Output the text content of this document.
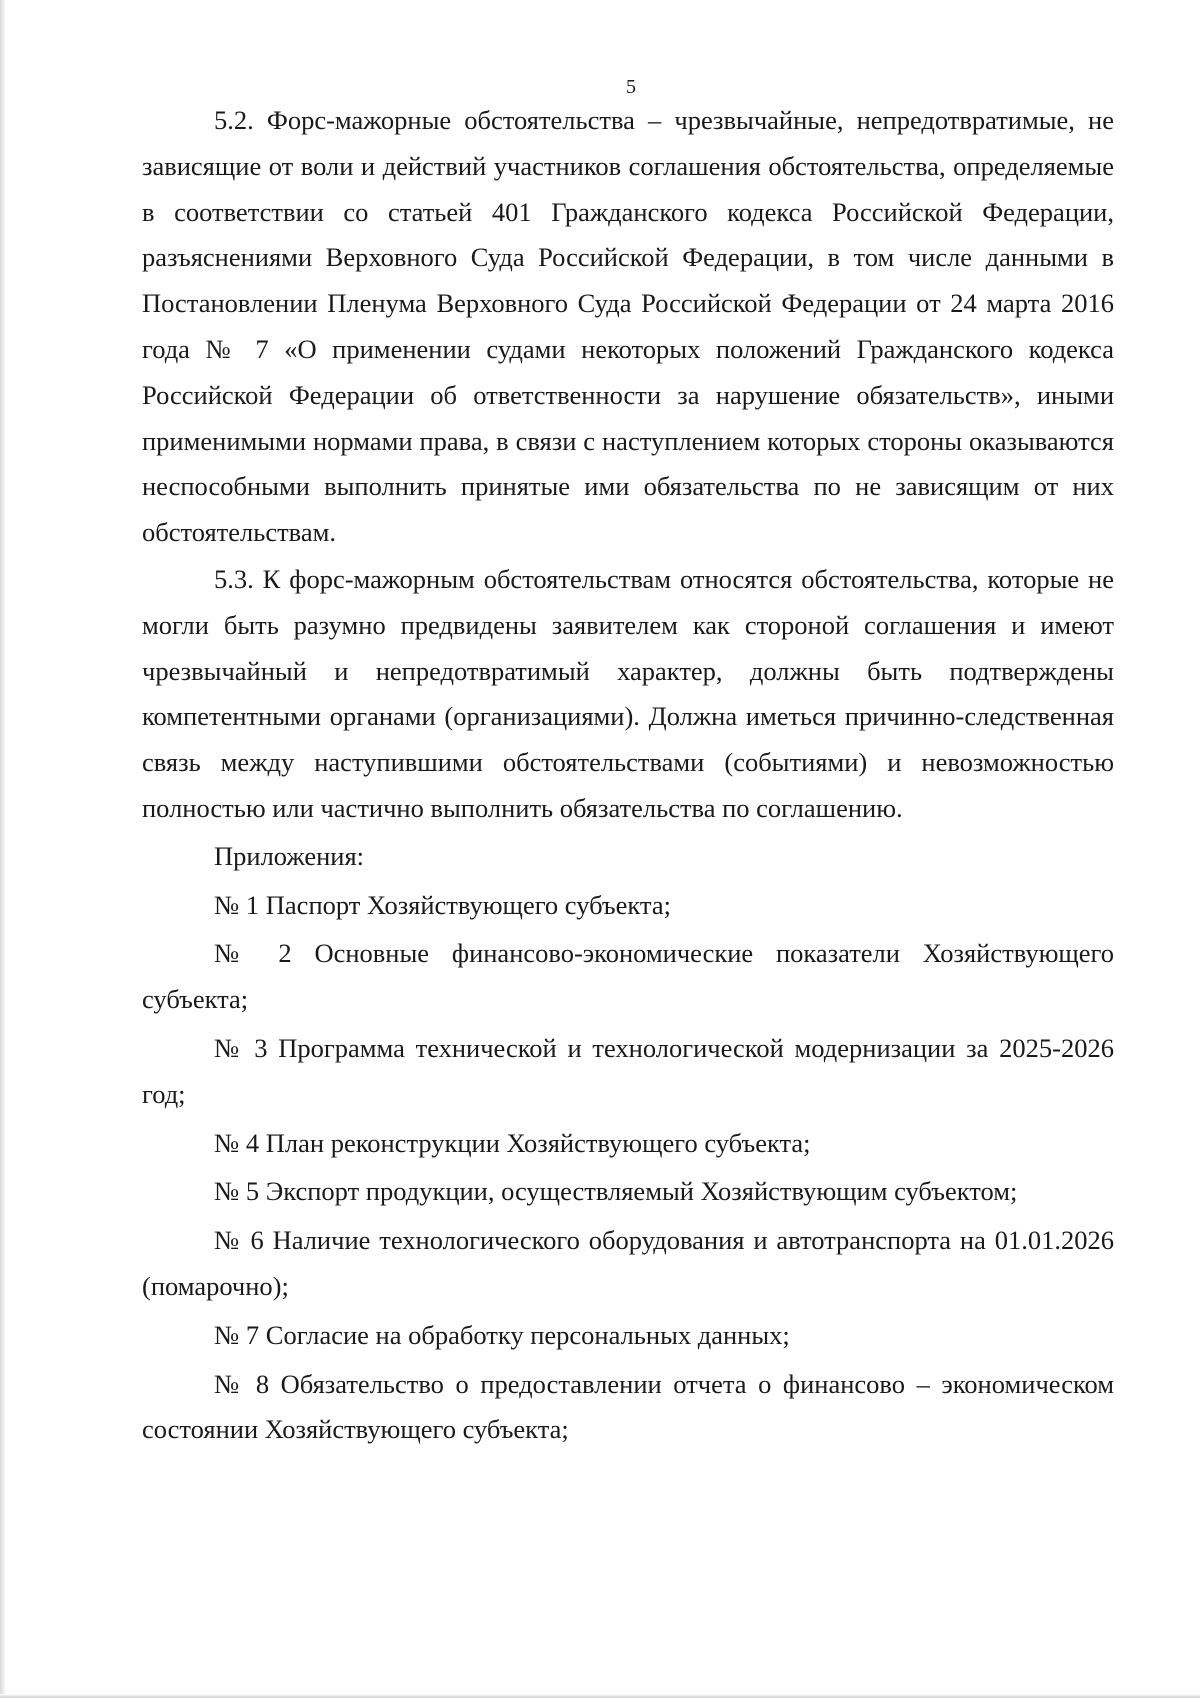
5

5.2. Форс-мажорные обстоятельства – чрезвычайные, непредотвратимые, не зависящие от воли и действий участников соглашения обстоятельства, определяемые в соответствии со статьей 401 Гражданского кодекса Российской Федерации, разъяснениями Верховного Суда Российской Федерации, в том числе данными в Постановлении Пленума Верховного Суда Российской Федерации от 24 марта 2016 года № 7 «О применении судами некоторых положений Гражданского кодекса Российской Федерации об ответственности за нарушение обязательств», иными применимыми нормами права, в связи с наступлением которых стороны оказываются неспособными выполнить принятые ими обязательства по не зависящим от них обстоятельствам.

5.3. К форс-мажорным обстоятельствам относятся обстоятельства, которые не могли быть разумно предвидены заявителем как стороной соглашения и имеют чрезвычайный и непредотвратимый характер, должны быть подтверждены компетентными органами (организациями). Должна иметься причинно-следственная связь между наступившими обстоятельствами (событиями) и невозможностью полностью или частично выполнить обязательства по соглашению.

Приложения:

№ 1 Паспорт Хозяйствующего субъекта;

№ 2 Основные финансово-экономические показатели Хозяйствующего субъекта;

№ 3 Программа технической и технологической модернизации за 2025-2026 год;

№ 4 План реконструкции Хозяйствующего субъекта;

№ 5 Экспорт продукции, осуществляемый Хозяйствующим субъектом;

№ 6 Наличие технологического оборудования и автотранспорта на 01.01.2026 (помарочно);

№ 7 Согласие на обработку персональных данных;

№ 8 Обязательство о предоставлении отчета о финансово – экономическом состоянии Хозяйствующего субъекта;
